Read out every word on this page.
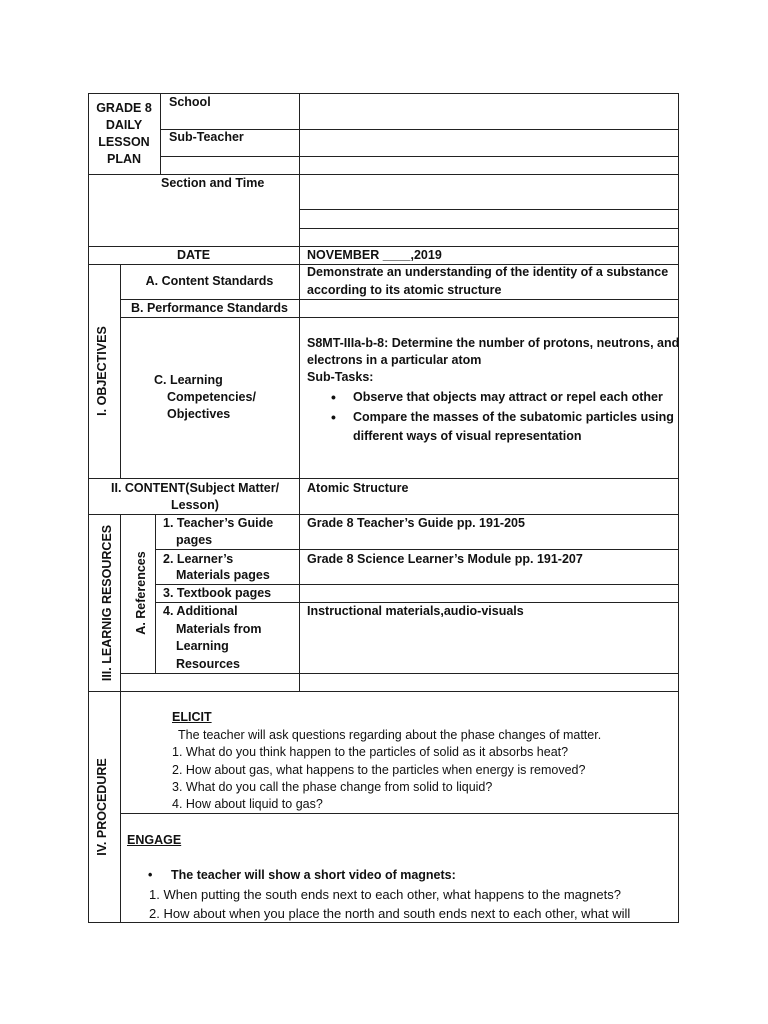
GRADE 8
DAILY
LESSON
PLAN
School
Sub-Teacher
Section and Time
DATE	NOVEMBER ____,2019
I. OBJECTIVES
A. Content Standards
Demonstrate an understanding of the identity of a substance
according to its atomic structure
B. Performance Standards
C. Learning
Competencies/
Objectives
S8MT-IIIa-b-8: Determine the number of protons, neutrons, and
electrons in a particular atom
Sub-Tasks:
• Observe that objects may attract or repel each other
• Compare the masses of the subatomic particles using
different ways of visual representation
II. CONTENT(Subject Matter/
Lesson)
Atomic Structure
III. LEARNIG RESOURCES	A. References
1. Teacher’s Guide
pages
Grade 8 Teacher’s Guide pp. 191-205
2. Learner’s
Materials pages
Grade 8 Science Learner’s Module pp. 191-207
3. Textbook pages
4. Additional
Materials from
Learning
Resources
Instructional materials,audio-visuals
IV. PROCEDURE
ELICIT
The teacher will ask questions regarding about the phase changes of matter.
1. What do you think happen to the particles of solid as it absorbs heat?
2. How about gas, what happens to the particles when energy is removed?
3. What do you call the phase change from solid to liquid?
4. How about liquid to gas?
ENGAGE
• The teacher will show a short video of magnets:
1. When putting the south ends next to each other, what happens to the magnets?
2. How about when you place the north and south ends next to each other, what will
